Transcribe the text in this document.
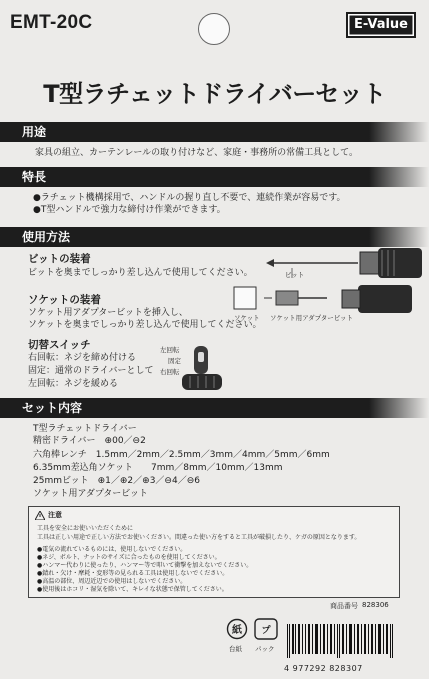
EMT-20C	E-Value
T型ラチェットドライバーセット
用途
家具の組立、カーテンレールの取り付けなど、家庭・事務所の常備工具として。
特長
●ラチェット機構採用で、ハンドルの握り直し不要で、連続作業が容易です。
●T型ハンドルで強力な締付け作業ができます。
使用方法
ビットの装着
ビットを奥までしっかり差し込んで使用してください。	ビット
ソケットの装着
ソケット用アダプタービットを挿入し、
ソケットを奥までしっかり差し込んで使用してください。
ソケット ソケット用アダプタービット
切替スイッチ
右回転：ネジを締め付ける
固定：通常のドライバーとして
左回転：ネジを緩める
左回転
固定
右回転
セット内容
T型ラチェットドライバー
精密ドライバー　⊕00／⊖2
六角棒レンチ　1.5mm／2mm／2.5mm／3mm／4mm／5mm／6mm
6.35mm差込角ソケット　　7mm／8mm／10mm／13mm
25mmビット　⊕1／⊕2／⊕3／⊖4／⊖6
ソケット用アダプタービット
注意
工具を安全にお使いいただくために
工具は正しい用途で正しい方法でお使いください。間違った使い方をすると工具が破損したり、ケガの原因となります。
●電気の流れているものには、使用しないでください。
●ネジ、ボルト、ナットのサイズに合ったものを使用してください。
●ハンマー代わりに使ったり、ハンマー等で叩いて衝撃を加えないでください。
●錆れ・欠け・摩耗・変形等の見られる工具は使用しないでください。
●高温の部位、周辺近辺での使用はしないでください。
●使用後はホコリ・湿気を除いて、キレイな状態で保管してください。
商品番号 828306
紙
台紙
プ
パック
4 977292 828307
